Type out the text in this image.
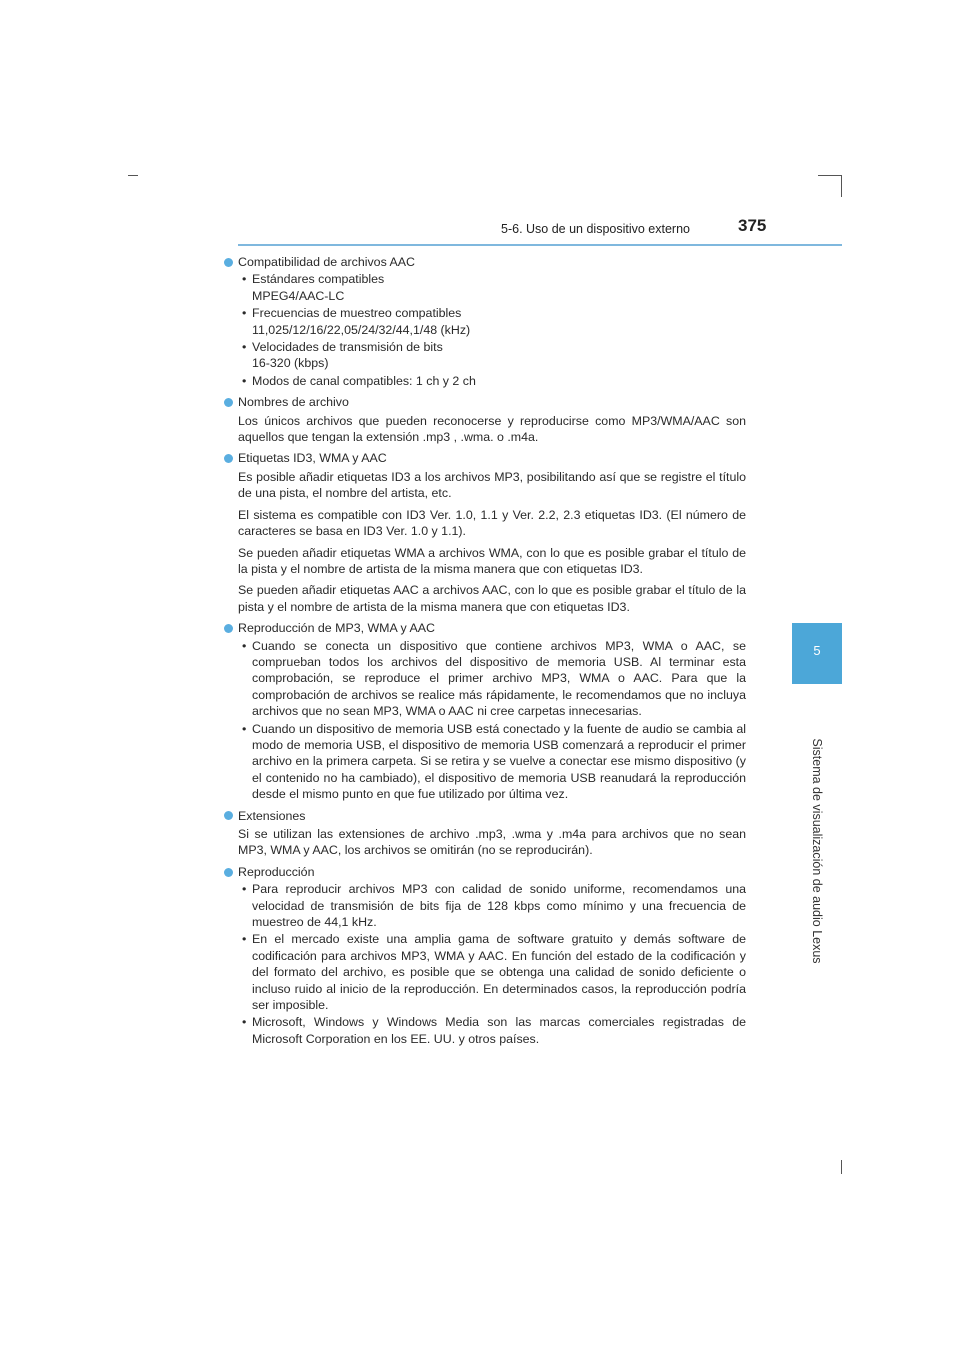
5-6. Uso de un dispositivo externo	375
5
Sistema de visualización de audio Lexus
Compatibilidad de archivos AAC
• Estándares compatibles
MPEG4/AAC-LC
• Frecuencias de muestreo compatibles
11,025/12/16/22,05/24/32/44,1/48 (kHz)
• Velocidades de transmisión de bits
16-320 (kbps)
• Modos de canal compatibles: 1 ch y 2 ch
Nombres de archivo
Los únicos archivos que pueden reconocerse y reproducirse como MP3/WMA/AAC son aquellos que tengan la extensión .mp3 , .wma. o .m4a.
Etiquetas ID3, WMA y AAC
Es posible añadir etiquetas ID3 a los archivos MP3, posibilitando así que se registre el título de una pista, el nombre del artista, etc.
El sistema es compatible con ID3 Ver. 1.0, 1.1 y Ver. 2.2, 2.3 etiquetas ID3. (El número de caracteres se basa en ID3 Ver. 1.0 y 1.1).
Se pueden añadir etiquetas WMA a archivos WMA, con lo que es posible grabar el título de la pista y el nombre de artista de la misma manera que con etiquetas ID3.
Se pueden añadir etiquetas AAC a archivos AAC, con lo que es posible grabar el título de la pista y el nombre de artista de la misma manera que con etiquetas ID3.
Reproducción de MP3, WMA y AAC
• Cuando se conecta un dispositivo que contiene archivos MP3, WMA o AAC, se comprueban todos los archivos del dispositivo de memoria USB. Al terminar esta comprobación, se reproduce el primer archivo MP3, WMA o AAC. Para que la comprobación de archivos se realice más rápidamente, le recomendamos que no incluya archivos que no sean MP3, WMA o AAC ni cree carpetas innecesarias.
• Cuando un dispositivo de memoria USB está conectado y la fuente de audio se cambia al modo de memoria USB, el dispositivo de memoria USB comenzará a reproducir el primer archivo en la primera carpeta. Si se retira y se vuelve a conectar ese mismo dispositivo (y el contenido no ha cambiado), el dispositivo de memoria USB reanudará la reproducción desde el mismo punto en que fue utilizado por última vez.
Extensiones
Si se utilizan las extensiones de archivo .mp3, .wma y .m4a para archivos que no sean MP3, WMA y AAC, los archivos se omitirán (no se reproducirán).
Reproducción
• Para reproducir archivos MP3 con calidad de sonido uniforme, recomendamos una velocidad de transmisión de bits fija de 128 kbps como mínimo y una frecuencia de muestreo de 44,1 kHz.
• En el mercado existe una amplia gama de software gratuito y demás software de codificación para archivos MP3, WMA y AAC. En función del estado de la codificación y del formato del archivo, es posible que se obtenga una calidad de sonido deficiente o incluso ruido al inicio de la reproducción. En determinados casos, la reproducción podría ser imposible.
• Microsoft, Windows y Windows Media son las marcas comerciales registradas de Microsoft Corporation en los EE. UU. y otros países.
